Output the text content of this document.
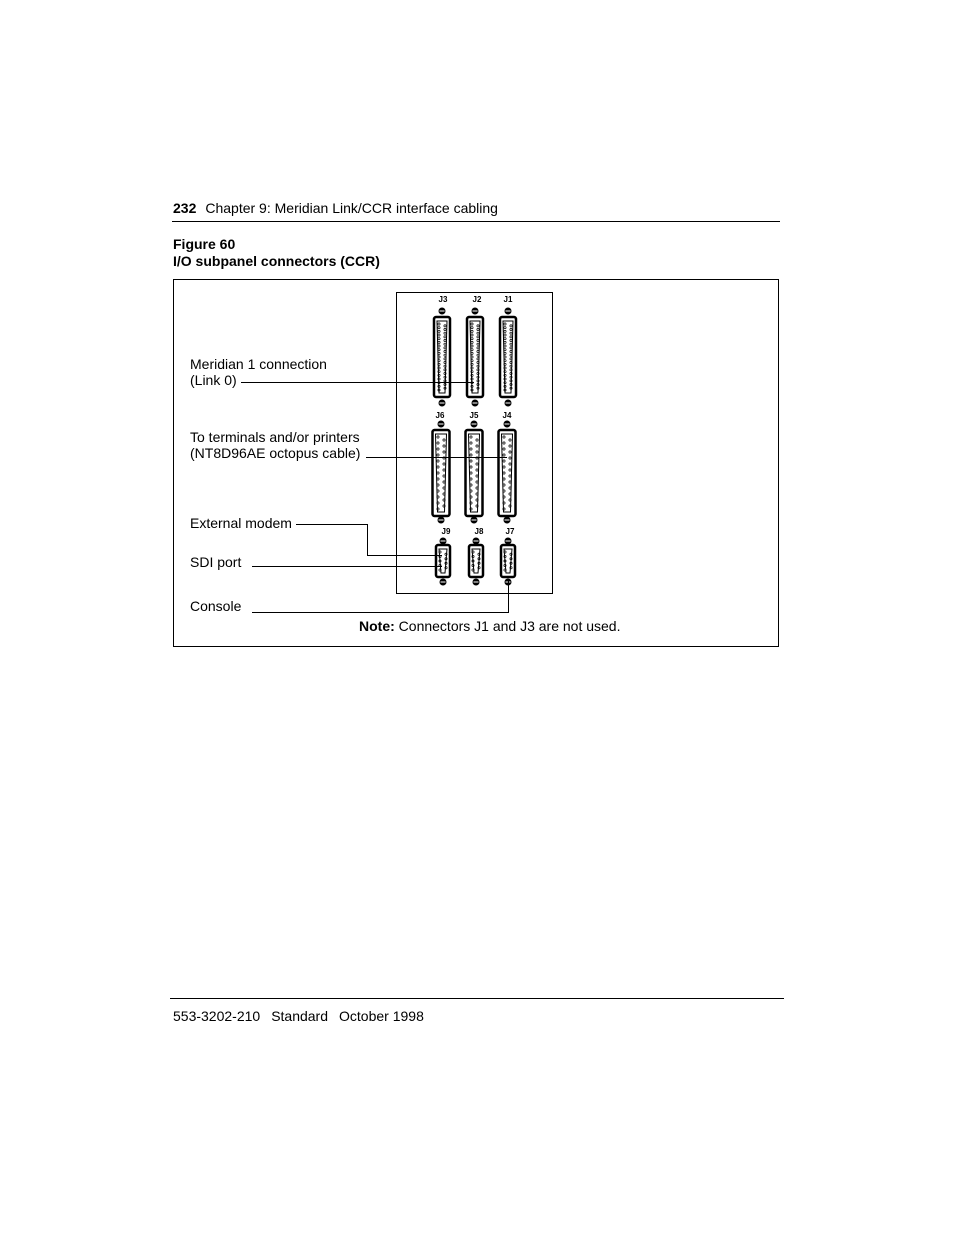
232 Chapter 9: Meridian Link/CCR interface cabling
Figure 60
I/O subpanel connectors (CCR)
Meridian 1 connection
(Link 0)
To terminals and/or printers
(NT8D96AE octopus cable)
External modem
SDI port
Console
J3	J2	J1
J6	J5	J4
J9	J8	J7
Note: Connectors J1 and J3 are not used.
553-3202-210 Standard October 1998
